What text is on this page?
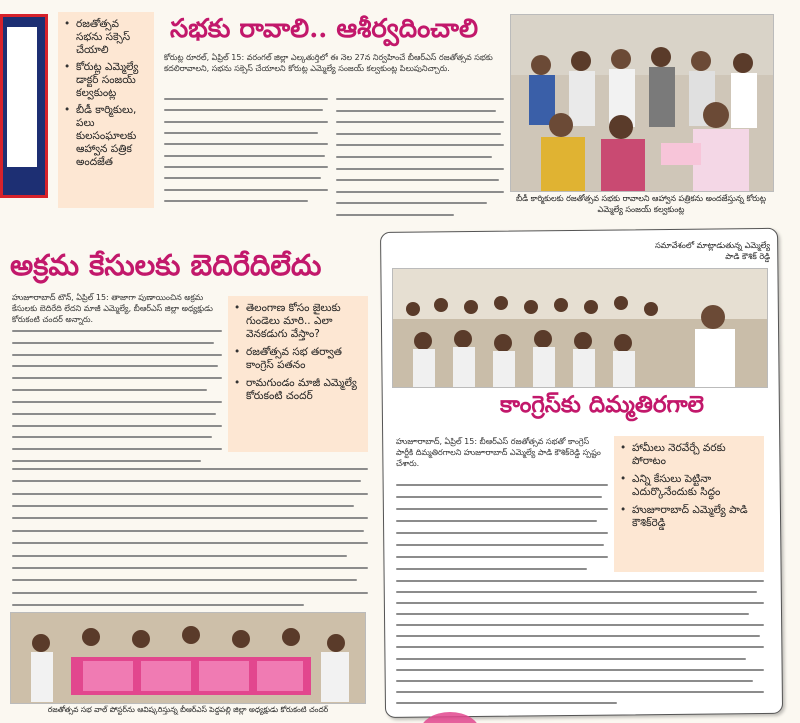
• రజతోత్సవ సభను సక్సెస్ చేయాలి
• కోరుట్ల ఎమ్మెల్యే డాక్టర్ సంజయ్ కల్వకుంట్ల
• బీడీ కార్మికులు, పలు కులసంఘాలకు ఆహ్వాన పత్రిక అందజేత
సభకు రావాలి.. ఆశీర్వదించాలి
కోరుట్ల రూరల్, ఏప్రిల్ 15: వరంగల్ జిల్లా ఎల్కతుర్తిలో ఈ నెల 27న నిర్వహించే బీఆర్ఎస్ రజతోత్సవ సభకు కదలిరావాలని, సభను సక్సెస్ చేయాలని కోరుట్ల ఎమ్మెల్యే సంజయ్ కల్వకుంట్ల పిలుపునిచ్చారు.
బీడీ కార్మికులకు రజతోత్సవ సభకు రావాలని ఆహ్వాన పత్రికను అందజేస్తున్న కోరుట్ల ఎమ్మెల్యే సంజయ్ కల్వకుంట్ల
అక్రమ కేసులకు బెదిరేదిలేదు
హుజూరాబాద్ టౌన్, ఏప్రిల్ 15: తాజాగా పుణాయించిన అక్రమ కేసులకు బెదిరేది లేదని మాజీ ఎమ్మెల్యే, బీఆర్ఎస్ జిల్లా అధ్యక్షుడు కోరుకంటి చందర్ అన్నారు.
• తెలంగాణ కోసం జైలుకు గుండెలు మారి.. ఎలా వెనకడుగు వేస్తాం?
• రజతోత్సవ సభ తర్వాత కాంగ్రెస్ పతనం
• రామగుండం మాజీ ఎమ్మెల్యే కోరుకంటి చందర్
రజతోత్సవ సభ వాల్ పోస్టర్‌ను ఆవిష్కరిస్తున్న బీఆర్ఎస్ పెద్దపల్లి జిల్లా అధ్యక్షుడు కోరుకంటి చందర్
సమావేశంలో మాట్లాడుతున్న ఎమ్మెల్యే పాడి కౌశిక్ రెడ్డి
కాంగ్రెస్‌కు దిమ్మతిరగాలె
హుజూరాబాద్, ఏప్రిల్ 15: బీఆర్ఎస్ రజతోత్సవ సభతో కాంగ్రెస్ పార్టీకి దిమ్మతిరగాలని హుజూరాబాద్ ఎమ్మెల్యే పాడి కౌశిక్‌రెడ్డి స్పష్టం చేశారు.
• హామీలు నెరవేర్చే వరకు పోరాటం
• ఎన్ని కేసులు పెట్టినా ఎదుర్కొనేందుకు సిద్ధం
• హుజూరాబాద్ ఎమ్మెల్యే పాడి కౌశిక్‌రెడ్డి
